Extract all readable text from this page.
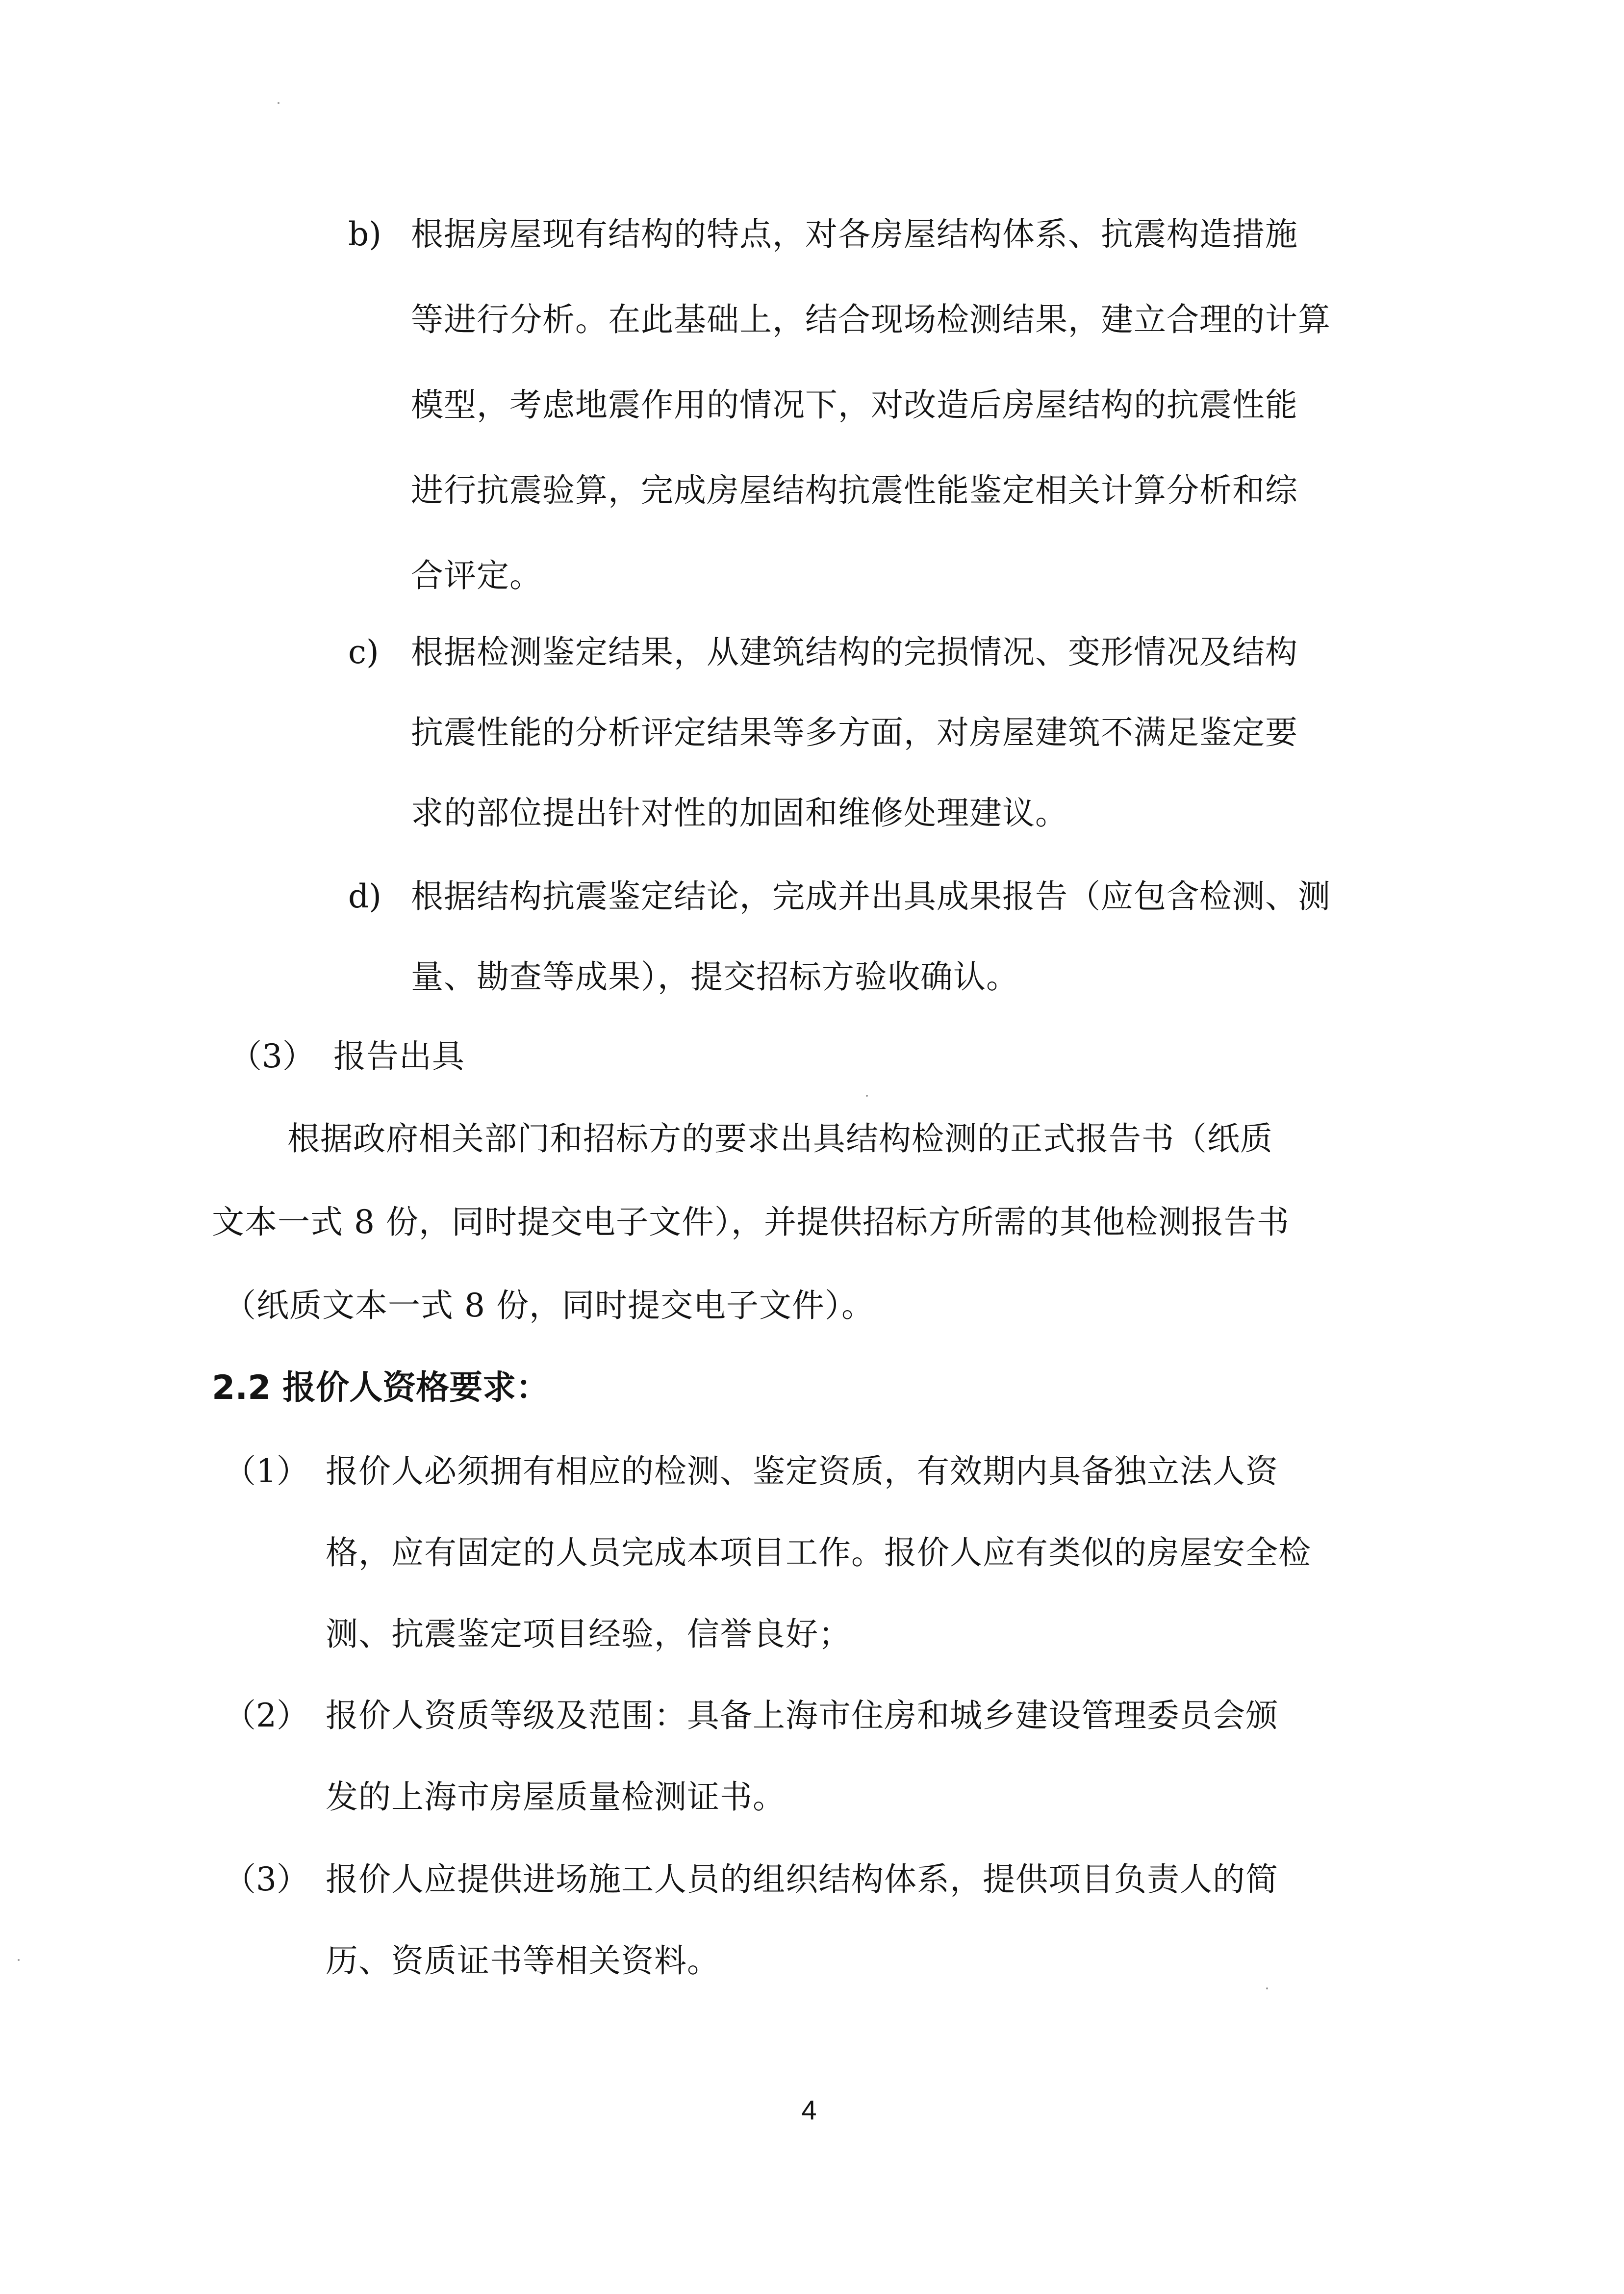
b) 根据房屋现有结构的特点，对各房屋结构体系、抗震构造措施
等进行分析。在此基础上，结合现场检测结果，建立合理的计算
模型，考虑地震作用的情况下，对改造后房屋结构的抗震性能
进行抗震验算，完成房屋结构抗震性能鉴定相关计算分析和综
合评定。
c) 根据检测鉴定结果，从建筑结构的完损情况、变形情况及结构
抗震性能的分析评定结果等多方面，对房屋建筑不满足鉴定要
求的部位提出针对性的加固和维修处理建议。
d) 根据结构抗震鉴定结论，完成并出具成果报告（应包含检测、测
量、勘查等成果），提交招标方验收确认。
（3） 报告出具
根据政府相关部门和招标方的要求出具结构检测的正式报告书（纸质
文本一式 8 份，同时提交电子文件），并提供招标方所需的其他检测报告书
（纸质文本一式 8 份，同时提交电子文件）。
2.2 报价人资格要求：
（1） 报价人必须拥有相应的检测、鉴定资质，有效期内具备独立法人资
格，应有固定的人员完成本项目工作。报价人应有类似的房屋安全检
测、抗震鉴定项目经验，信誉良好；
（2） 报价人资质等级及范围：具备上海市住房和城乡建设管理委员会颁
发的上海市房屋质量检测证书。
（3） 报价人应提供进场施工人员的组织结构体系，提供项目负责人的简
历、资质证书等相关资料。
4
